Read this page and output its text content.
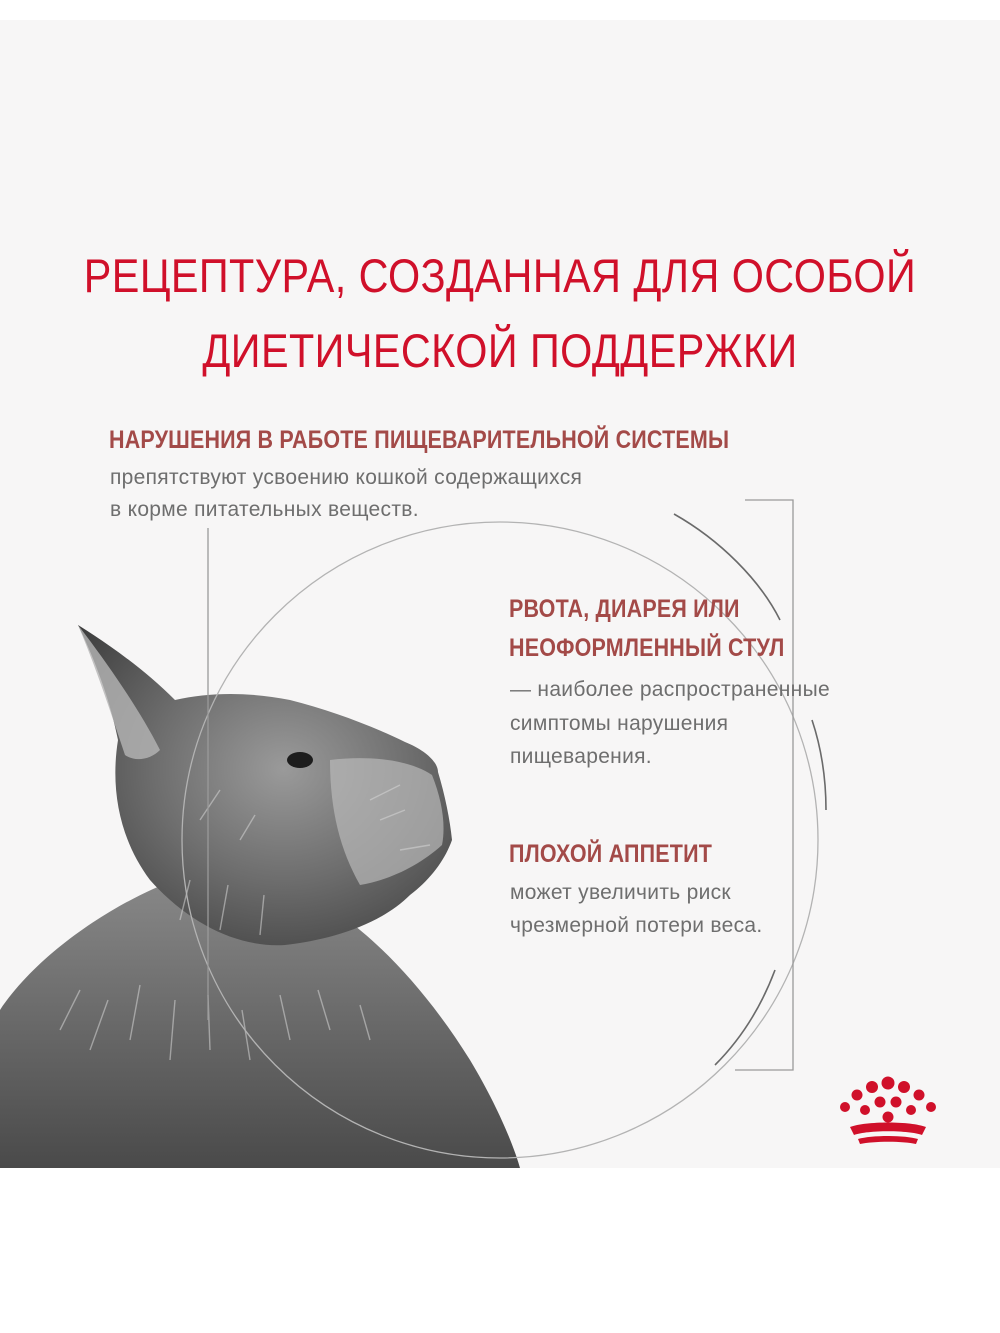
РЕЦЕПТУРА, СОЗДАННАЯ ДЛЯ ОСОБОЙ
ДИЕТИЧЕСКОЙ ПОДДЕРЖКИ
НАРУШЕНИЯ В РАБОТЕ ПИЩЕВАРИТЕЛЬНОЙ СИСТЕМЫ
препятствуют усвоению кошкой содержащихся
в корме питательных веществ.
РВОТА, ДИАРЕЯ ИЛИ
НЕОФОРМЛЕННЫЙ СТУЛ
— наиболее распространенные
симптомы нарушения
пищеварения.
ПЛОХОЙ АППЕТИТ
может увеличить риск
чрезмерной потери веса.
